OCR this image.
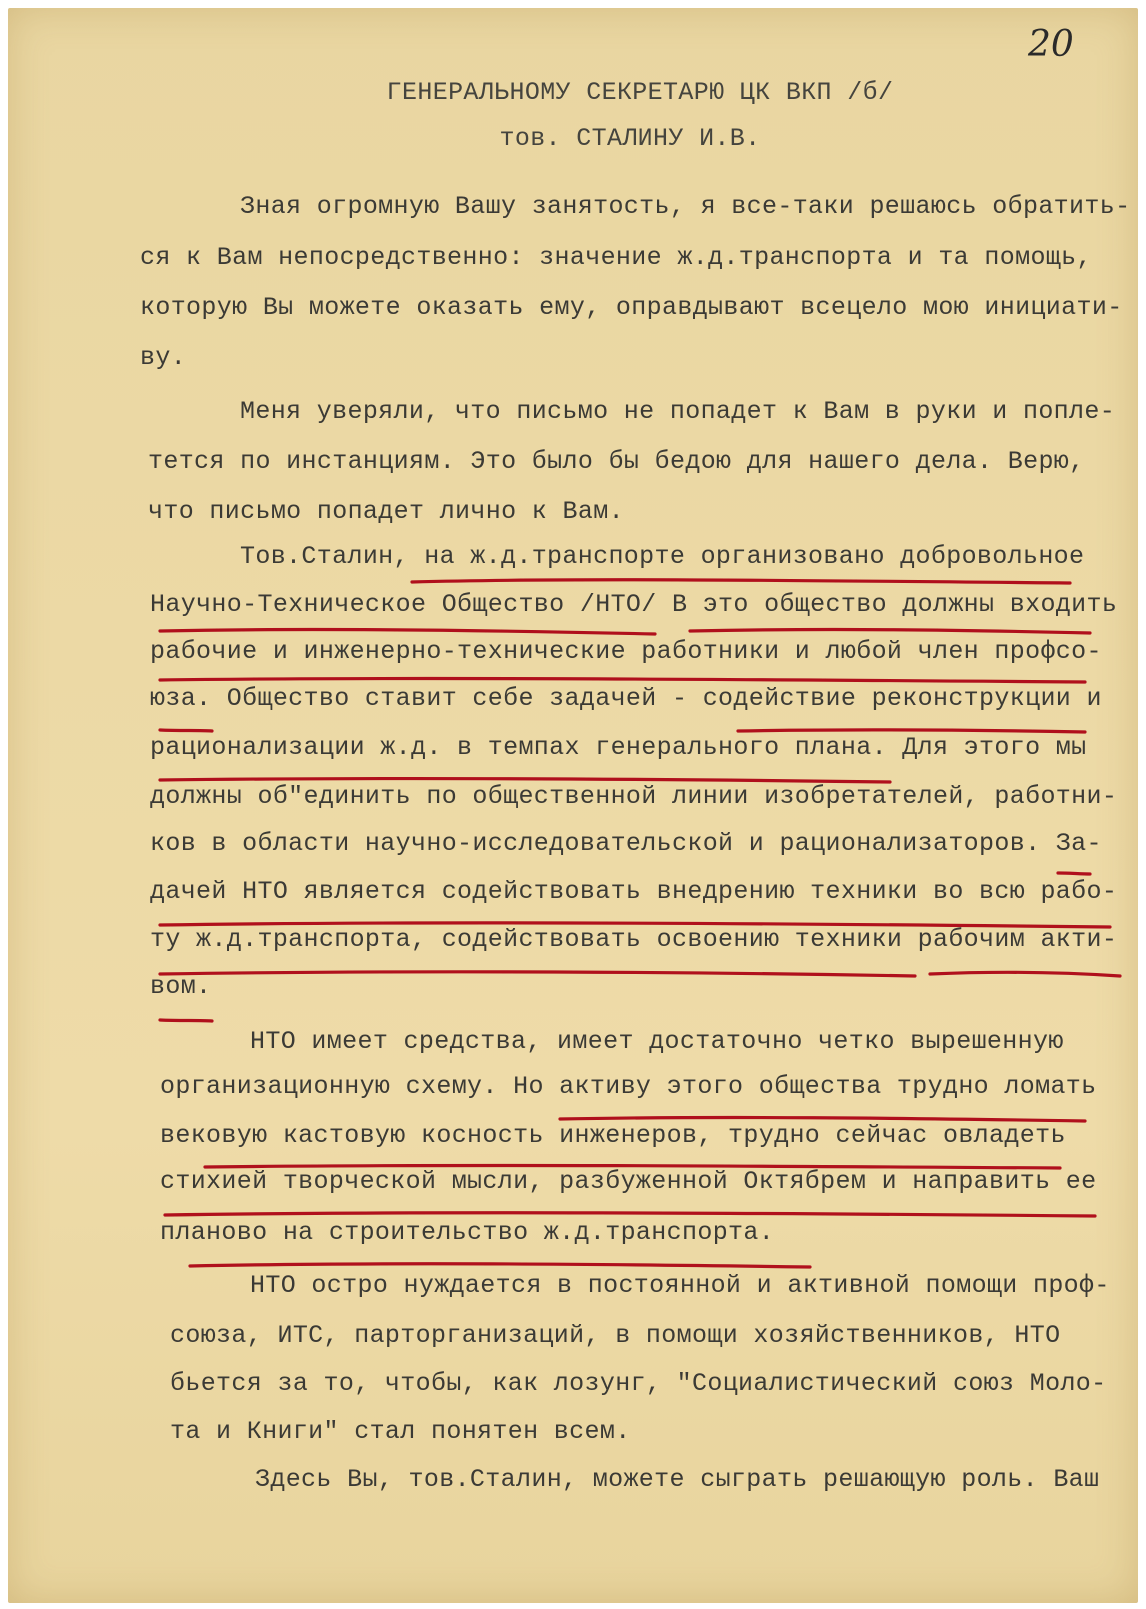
20

ГЕНЕРАЛЬНОМУ СЕКРЕТАРЮ ЦК ВКП /б/

тов. СТАЛИНУ И.В.

Зная огромную Вашу занятость, я все-таки решаюсь обратить-

ся к Вам непосредственно: значение ж.д.транспорта и та помощь,

которую Вы можете оказать ему, оправдывают всецело мою инициати-

ву.

Меня уверяли, что письмо не попадет к Вам в руки и попле-

тется по инстанциям. Это было бы бедою для нашего дела. Верю,

что письмо попадет лично к Вам.

Тов.Сталин, на ж.д.транспорте организовано добровольное

Научно-Техническое Общество /НТО/ В это общество должны входить

рабочие и инженерно-технические работники и любой член профсо-

юза. Общество ставит себе задачей - содействие реконструкции и

рационализации ж.д. в темпах генерального плана. Для этого мы

должны об"единить по общественной линии изобретателей, работни-

ков в области научно-исследовательской и рационализаторов. За-

дачей НТО является содействовать внедрению техники во всю рабо-

ту ж.д.транспорта, содействовать освоению техники рабочим акти-

вом.

НТО имеет средства, имеет достаточно четко вырешенную

организационную схему. Но активу этого общества трудно ломать

вековую кастовую косность инженеров, трудно сейчас овладеть

стихией творческой мысли, разбуженной Октябрем и направить ее

планово на строительство ж.д.транспорта.

НТО остро нуждается в постоянной и активной помощи проф-

союза, ИТС, парторганизаций, в помощи хозяйственников, НТО

бьется за то, чтобы, как лозунг, "Социалистический союз Моло-

та и Книги" стал понятен всем.

Здесь Вы, тов.Сталин, можете сыграть решающую роль. Ваш
